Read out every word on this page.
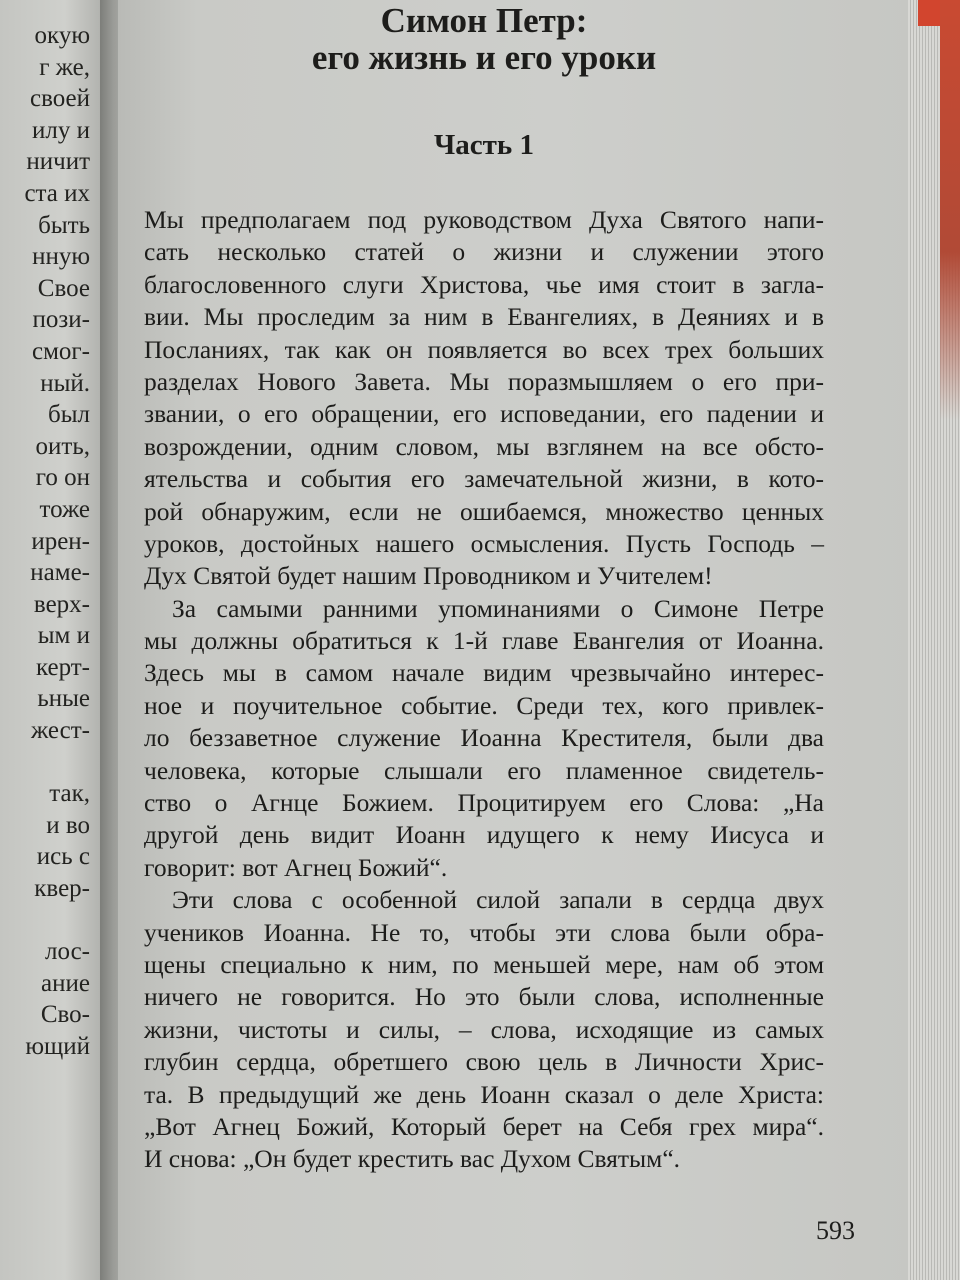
окую
г же,
своей
илу и
ничит
ста их
быть
нную
Свое
пози-
смог-
ный.
был
оить,
го он
тоже
ирен-
наме-
верх-
ым и
керт-
ьные
жест-
так,
и во
ись с
квер-
лос-
ание
Сво-
ющий
Симон Петр:
его жизнь и его уроки
Часть 1
Мы предполагаем под руководством Духа Святого напи-
сать несколько статей о жизни и служении этого
благословенного слуги Христова, чье имя стоит в загла-
вии. Мы проследим за ним в Евангелиях, в Деяниях и в
Посланиях, так как он появляется во всех трех больших
разделах Нового Завета. Мы поразмышляем о его при-
звании, о его обращении, его исповедании, его падении и
возрождении, одним словом, мы взглянем на все обсто-
ятельства и события его замечательной жизни, в кото-
рой обнаружим, если не ошибаемся, множество ценных
уроков, достойных нашего осмысления. Пусть Господь –
Дух Святой будет нашим Проводником и Учителем!
За самыми ранними упоминаниями о Симоне Петре
мы должны обратиться к 1-й главе Евангелия от Иоанна.
Здесь мы в самом начале видим чрезвычайно интерес-
ное и поучительное событие. Среди тех, кого привлек-
ло беззаветное служение Иоанна Крестителя, были два
человека, которые слышали его пламенное свидетель-
ство о Агнце Божием. Процитируем его Слова: „На
другой день видит Иоанн идущего к нему Иисуса и
говорит: вот Агнец Божий“.
Эти слова с особенной силой запали в сердца двух
учеников Иоанна. Не то, чтобы эти слова были обра-
щены специально к ним, по меньшей мере, нам об этом
ничего не говорится. Но это были слова, исполненные
жизни, чистоты и силы, – слова, исходящие из самых
глубин сердца, обретшего свою цель в Личности Хрис-
та. В предыдущий же день Иоанн сказал о деле Христа:
„Вот Агнец Божий, Который берет на Себя грех мира“.
И снова: „Он будет крестить вас Духом Святым“.
593
